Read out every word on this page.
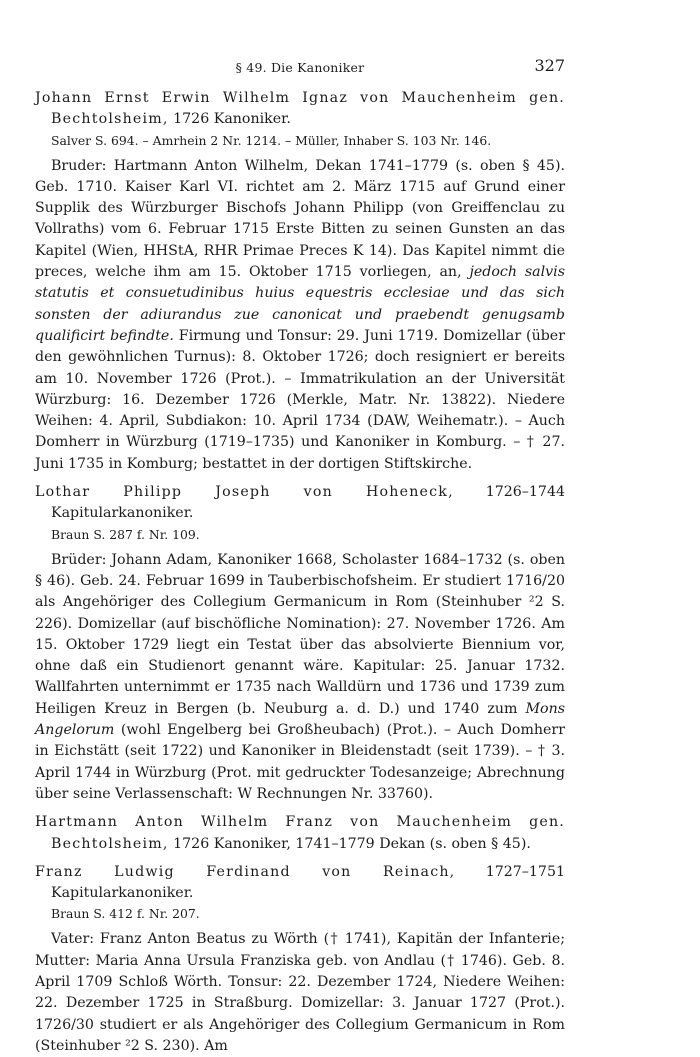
§ 49. Die Kanoniker	327

Johann Ernst Erwin Wilhelm Ignaz von Mauchenheim gen. Bechtolsheim, 1726 Kanoniker.

Salver S. 694. – Amrhein 2 Nr. 1214. – Müller, Inhaber S. 103 Nr. 146.

Bruder: Hartmann Anton Wilhelm, Dekan 1741–1779 (s. oben § 45). Geb. 1710. Kaiser Karl VI. richtet am 2. März 1715 auf Grund einer Supplik des Würzburger Bischofs Johann Philipp (von Greiffenclau zu Vollraths) vom 6. Februar 1715 Erste Bitten zu seinen Gunsten an das Kapitel (Wien, HHStA, RHR Primae Preces K 14). Das Kapitel nimmt die preces, welche ihm am 15. Oktober 1715 vorliegen, an, jedoch salvis statutis et consuetudinibus huius equestris ecclesiae und das sich sonsten der adiurandus zue canonicat und praebendt genugsamb qualificirt befindte. Firmung und Tonsur: 29. Juni 1719. Domizellar (über den gewöhnlichen Turnus): 8. Oktober 1726; doch resigniert er bereits am 10. November 1726 (Prot.). – Immatrikulation an der Universität Würzburg: 16. Dezember 1726 (Merkle, Matr. Nr. 13822). Niedere Weihen: 4. April, Subdiakon: 10. April 1734 (DAW, Weihematr.). – Auch Domherr in Würzburg (1719–1735) und Kanoniker in Komburg. – † 27. Juni 1735 in Komburg; bestattet in der dortigen Stiftskirche.

Lothar Philipp Joseph von Hoheneck, 1726–1744 Kapitularkanoniker.

Braun S. 287 f. Nr. 109.

Brüder: Johann Adam, Kanoniker 1668, Scholaster 1684–1732 (s. oben § 46). Geb. 24. Februar 1699 in Tauberbischofsheim. Er studiert 1716/20 als Angehöriger des Collegium Germanicum in Rom (Steinhuber ²2 S. 226). Domizellar (auf bischöfliche Nomination): 27. November 1726. Am 15. Oktober 1729 liegt ein Testat über das absolvierte Biennium vor, ohne daß ein Studienort genannt wäre. Kapitular: 25. Januar 1732. Wallfahrten unternimmt er 1735 nach Walldürn und 1736 und 1739 zum Heiligen Kreuz in Bergen (b. Neuburg a. d. D.) und 1740 zum Mons Angelorum (wohl Engelberg bei Großheubach) (Prot.). – Auch Domherr in Eichstätt (seit 1722) und Kanoniker in Bleidenstadt (seit 1739). – † 3. April 1744 in Würzburg (Prot. mit gedruckter Todesanzeige; Abrechnung über seine Verlassenschaft: W Rechnungen Nr. 33760).

Hartmann Anton Wilhelm Franz von Mauchenheim gen. Bechtolsheim, 1726 Kanoniker, 1741–1779 Dekan (s. oben § 45).

Franz Ludwig Ferdinand von Reinach, 1727–1751 Kapitularkanoniker.

Braun S. 412 f. Nr. 207.

Vater: Franz Anton Beatus zu Wörth († 1741), Kapitän der Infanterie; Mutter: Maria Anna Ursula Franziska geb. von Andlau († 1746). Geb. 8. April 1709 Schloß Wörth. Tonsur: 22. Dezember 1724, Niedere Weihen: 22. Dezember 1725 in Straßburg. Domizellar: 3. Januar 1727 (Prot.). 1726/30 studiert er als Angehöriger des Collegium Germanicum in Rom (Steinhuber ²2 S. 230). Am
